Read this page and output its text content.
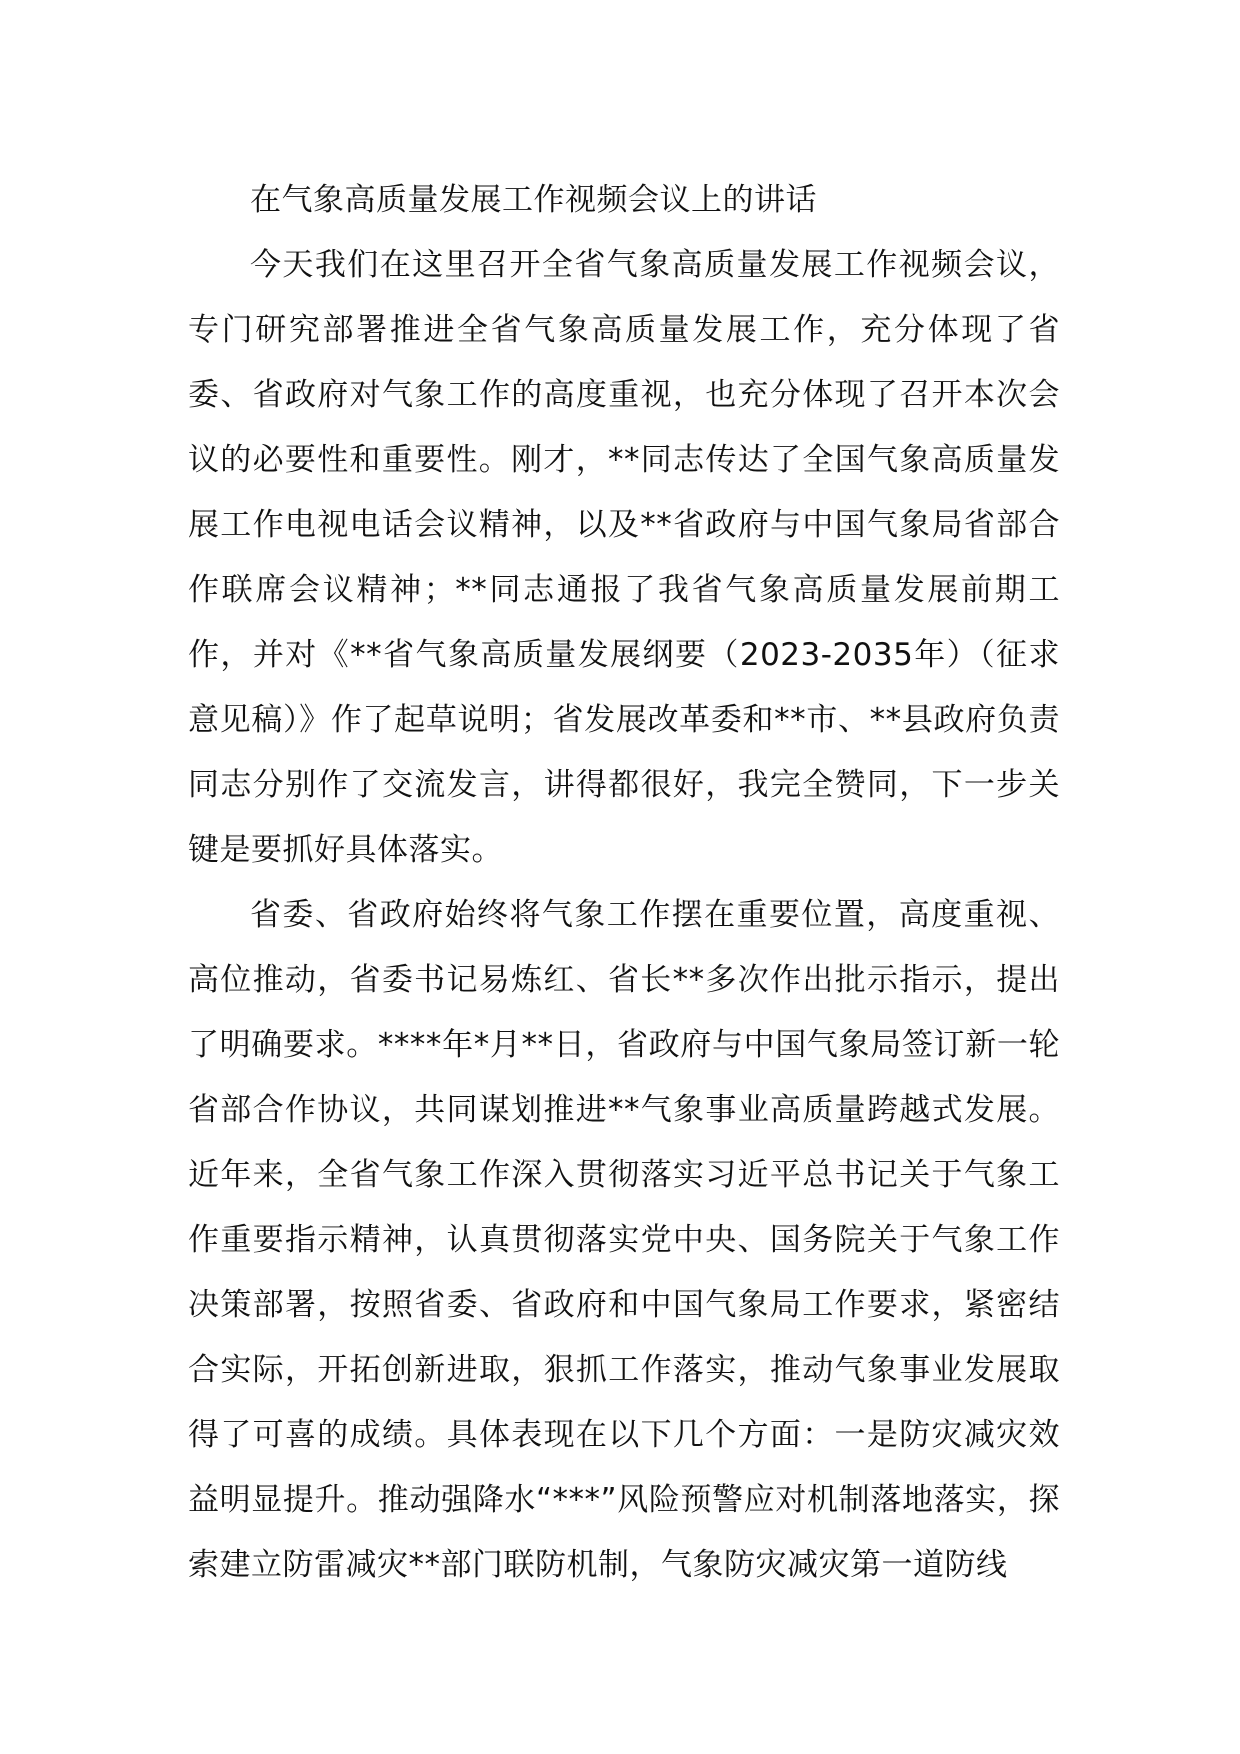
在气象高质量发展工作视频会议上的讲话

今天我们在这里召开全省气象高质量发展工作视频会议，专门研究部署推进全省气象高质量发展工作，充分体现了省委、省政府对气象工作的高度重视，也充分体现了召开本次会议的必要性和重要性。刚才，**同志传达了全国气象高质量发展工作电视电话会议精神，以及**省政府与中国气象局省部合作联席会议精神；**同志通报了我省气象高质量发展前期工作，并对《**省气象高质量发展纲要（2023-2035年）（征求意见稿）》作了起草说明；省发展改革委和**市、**县政府负责同志分别作了交流发言，讲得都很好，我完全赞同，下一步关键是要抓好具体落实。

省委、省政府始终将气象工作摆在重要位置，高度重视、高位推动，省委书记易炼红、省长**多次作出批示指示，提出了明确要求。****年*月**日，省政府与中国气象局签订新一轮省部合作协议，共同谋划推进**气象事业高质量跨越式发展。近年来，全省气象工作深入贯彻落实习近平总书记关于气象工作重要指示精神，认真贯彻落实党中央、国务院关于气象工作决策部署，按照省委、省政府和中国气象局工作要求，紧密结合实际，开拓创新进取，狠抓工作落实，推动气象事业发展取得了可喜的成绩。具体表现在以下几个方面：一是防灾减灾效益明显提升。推动强降水“***”风险预警应对机制落地落实，探索建立防雷减灾**部门联防机制，气象防灾减灾第一道防线
